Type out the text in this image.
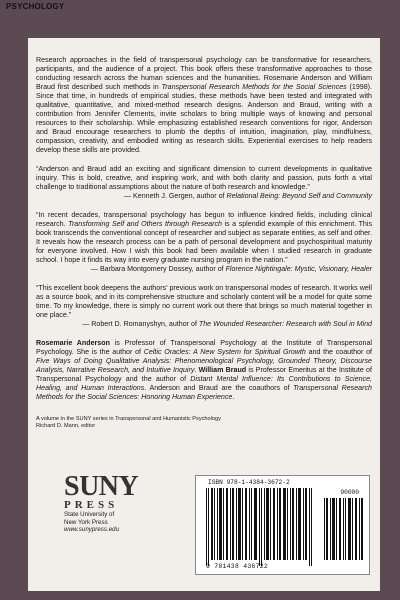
PSYCHOLOGY

Research approaches in the field of transpersonal psychology can be transformative for researchers, participants, and the audience of a project. This book offers these transformative approaches to those conducting research across the human sciences and the humanities. Rosemarie Anderson and William Braud first described such methods in Transpersonal Research Methods for the Social Sciences (1998). Since that time, in hundreds of empirical studies, these methods have been tested and integrated with qualitative, quantitative, and mixed-method research designs. Anderson and Braud, writing with a contribution from Jennifer Clements, invite scholars to bring multiple ways of knowing and personal resources to their scholarship. While emphasizing established research conventions for rigor, Anderson and Braud encourage researchers to plumb the depths of intuition, imagination, play, mindfulness, compassion, creativity, and embodied writing as research skills. Experiential exercises to help readers develop these skills are provided.

“Anderson and Braud add an exciting and significant dimension to current developments in qualitative inquiry. This is bold, creative, and inspiring work, and with both clarity and passion, puts forth a vital challenge to traditional assumptions about the nature of both research and knowledge.”

— Kenneth J. Gergen, author of Relational Being: Beyond Self and Community

“In recent decades, transpersonal psychology has begun to influence kindred fields, including clinical research. Transforming Self and Others through Research is a splendid example of this enrichment. This book transcends the conventional concept of researcher and subject as separate entities, as self and other. It reveals how the research process can be a path of personal development and psychospiritual maturity for everyone involved. How I wish this book had been available when I studied research in graduate school. I hope it finds its way into every graduate nursing program in the nation.”

— Barbara Montgomery Dossey, author of Florence Nightingale: Mystic, Visionary, Healer

“This excellent book deepens the authors’ previous work on transpersonal modes of research. It works well as a source book, and in its comprehensive structure and scholarly content will be a model for quite some time. To my knowledge, there is simply no current work out there that brings so much material together in one place.”

— Robert D. Romanyshyn, author of The Wounded Researcher: Research with Soul in Mind

Rosemarie Anderson is Professor of Transpersonal Psychology at the Institute of Transpersonal Psychology. She is the author of Celtic Oracles: A New System for Spiritual Growth and the coauthor of Five Ways of Doing Qualitative Analysis: Phenomenological Psychology, Grounded Theory, Discourse Analysis, Narrative Research, and Intuitive Inquiry. William Braud is Professor Emeritus at the Institute of Transpersonal Psychology and the author of Distant Mental Influence: Its Contributions to Science, Healing, and Human Interactions. Anderson and Braud are the coauthors of Transpersonal Research Methods for the Social Sciences: Honoring Human Experience.

A volume in the SUNY series in Transpersonal and Humanistic Psychology
Richard D. Mann, editor
SUNY
PRESS
State University of
New York Press
www.sunypress.edu
ISBN 978-1-4384-3672-2
90000
9 781438 436722
